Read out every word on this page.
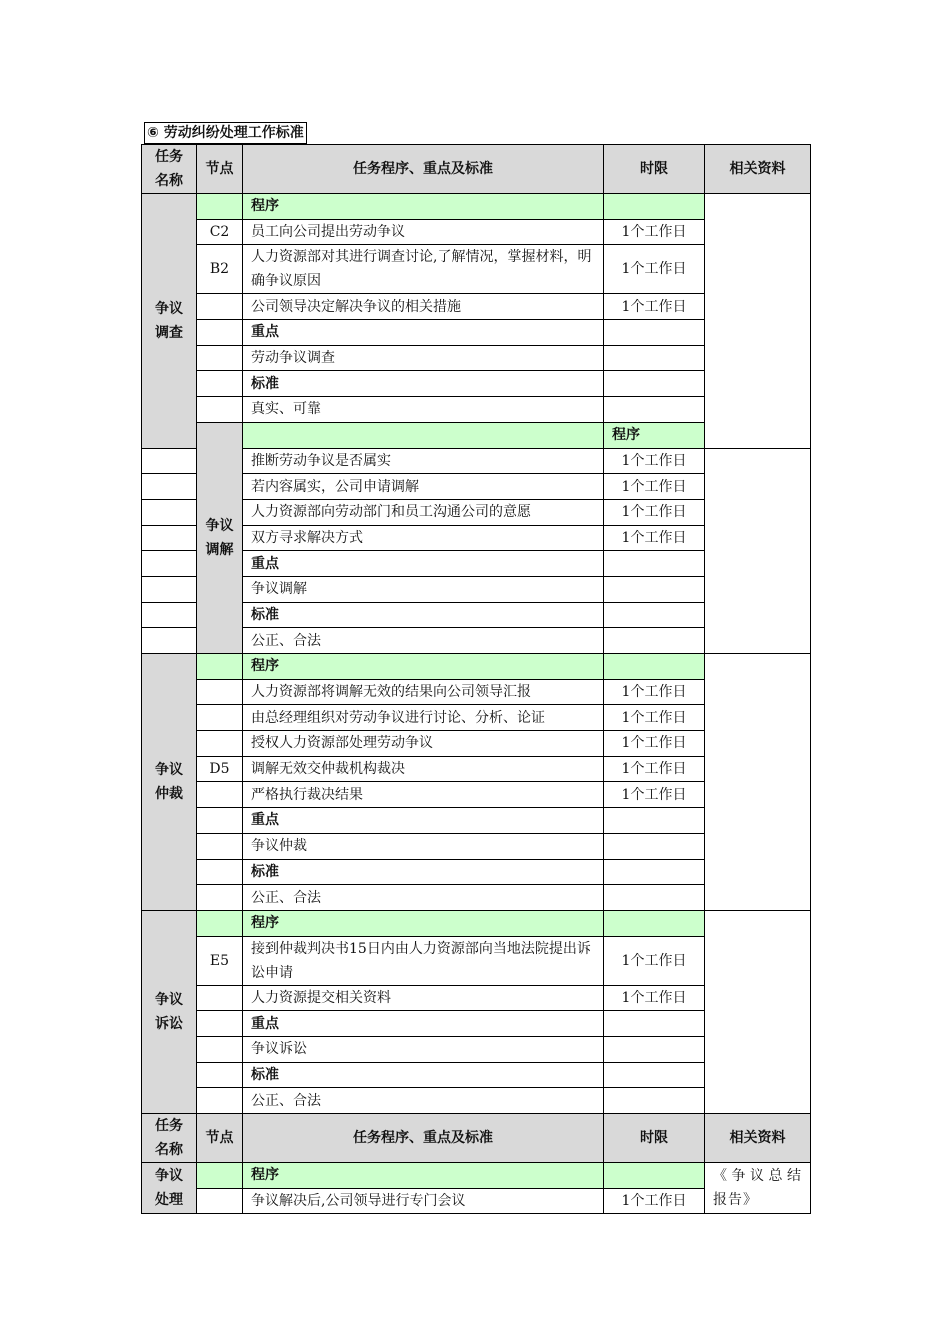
⑥ 劳动纠纷处理工作标准
任务名称	节点	任务程序、重点及标准	时限	相关资料	
争议调查		程序			
	C2	员工向公司提出劳动争议	1个工作日		
	B2	人力资源部对其进行调查讨论,了解情况，掌握材料，明确争议原因	1个工作日		
		公司领导决定解决争议的相关措施	1个工作日		
		重点			
		劳动争议调查			
		标准			
		真实、可靠			
	争议调解		程序		
		推断劳动争议是否属实	1个工作日		
		若内容属实，公司申请调解	1个工作日		
		人力资源部向劳动部门和员工沟通公司的意愿	1个工作日		
		双方寻求解决方式	1个工作日		
		重点			
		争议调解			
		标准			
		公正、合法			
争议仲裁		程序			
		人力资源部将调解无效的结果向公司领导汇报	1个工作日		
		由总经理组织对劳动争议进行讨论、分析、论证	1个工作日		
		授权人力资源部处理劳动争议	1个工作日		
	D5	调解无效交仲裁机构裁决	1个工作日		
		严格执行裁决结果	1个工作日		
		重点			
		争议仲裁			
		标准			
		公正、合法			
争议诉讼		程序			
	E5	接到仲裁判决书15日内由人力资源部向当地法院提出诉讼申请	1个工作日		
		人力资源提交相关资料	1个工作日		
		重点			
		争议诉讼			
		标准			
		公正、合法			
任务名称	节点	任务程序、重点及标准	时限	相关资料	
争议处理		程序		《争议总结报告》	
		争议解决后,公司领导进行专门会议	1个工作日		
